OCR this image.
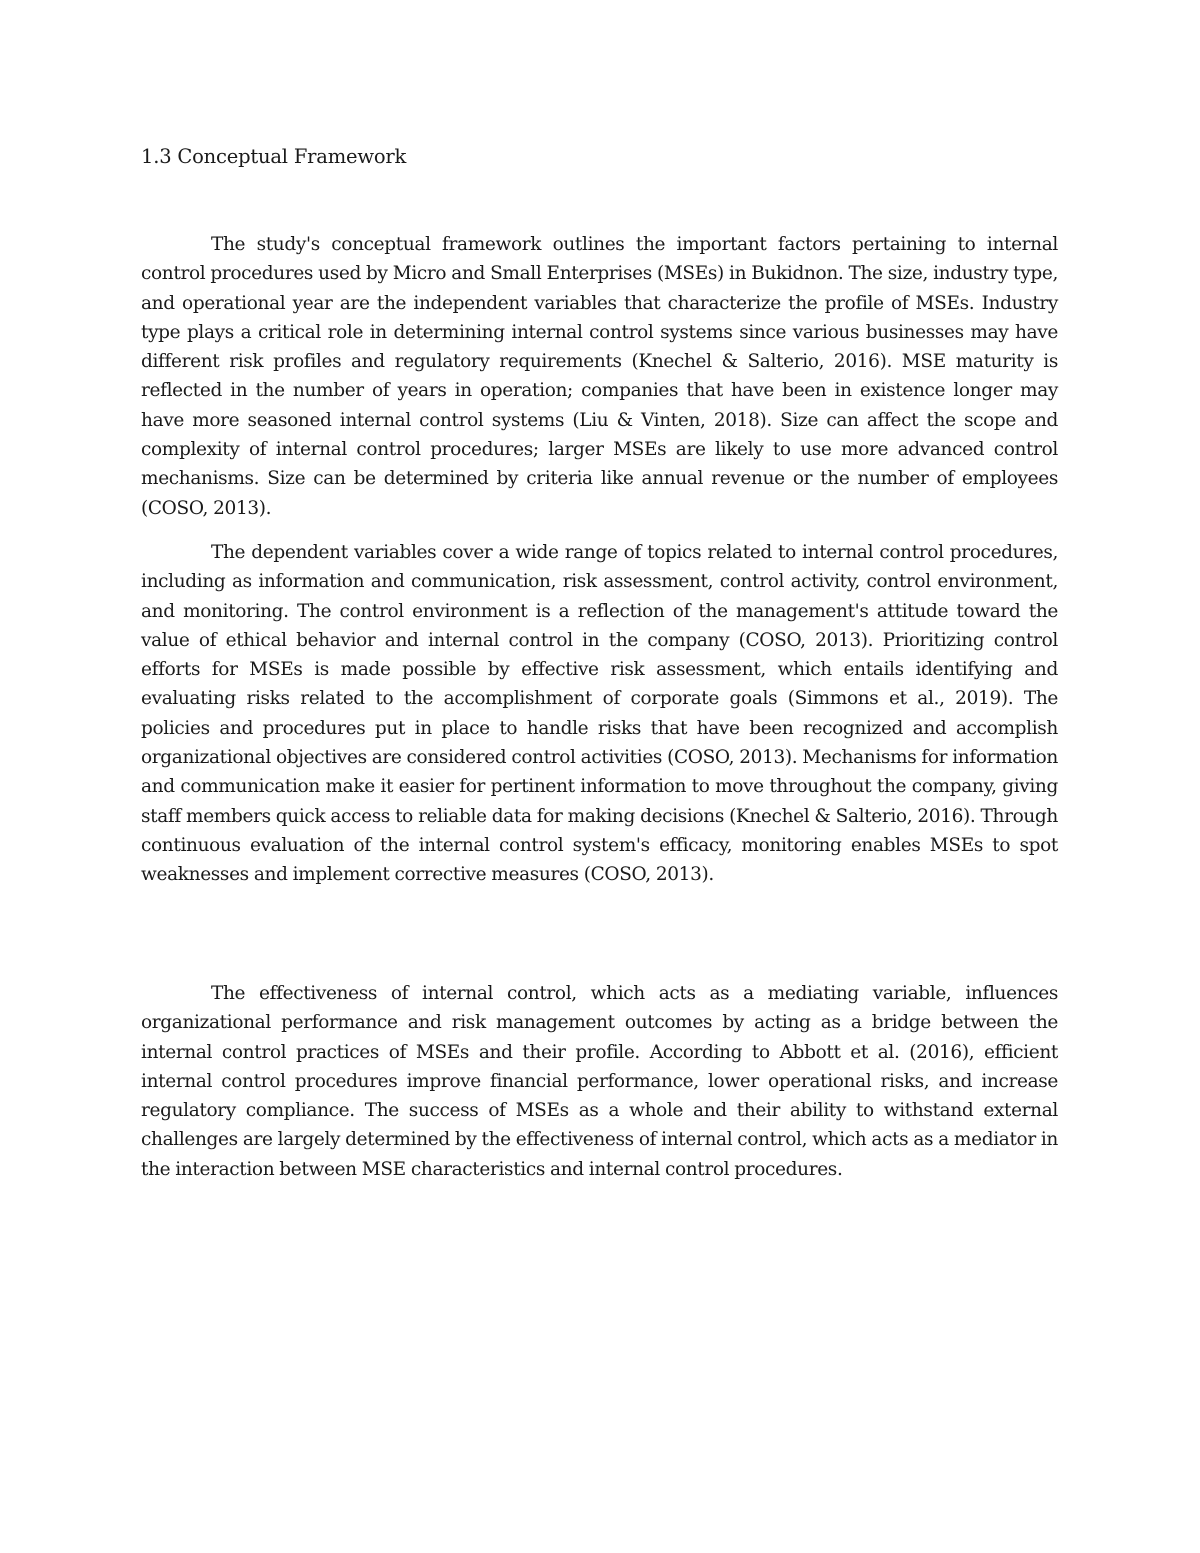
1.3 Conceptual Framework

The study's conceptual framework outlines the important factors pertaining to internal control procedures used by Micro and Small Enterprises (MSEs) in Bukidnon. The size, industry type, and operational year are the independent variables that characterize the profile of MSEs. Industry type plays a critical role in determining internal control systems since various businesses may have different risk profiles and regulatory requirements (Knechel & Salterio, 2016). MSE maturity is reflected in the number of years in operation; companies that have been in existence longer may have more seasoned internal control systems (Liu & Vinten, 2018). Size can affect the scope and complexity of internal control procedures; larger MSEs are likely to use more advanced control mechanisms. Size can be determined by criteria like annual revenue or the number of employees (COSO, 2013).

The dependent variables cover a wide range of topics related to internal control procedures, including as information and communication, risk assessment, control activity, control environment, and monitoring. The control environment is a reflection of the management's attitude toward the value of ethical behavior and internal control in the company (COSO, 2013). Prioritizing control efforts for MSEs is made possible by effective risk assessment, which entails identifying and evaluating risks related to the accomplishment of corporate goals (Simmons et al., 2019). The policies and procedures put in place to handle risks that have been recognized and accomplish organizational objectives are considered control activities (COSO, 2013). Mechanisms for information and communication make it easier for pertinent information to move throughout the company, giving staff members quick access to reliable data for making decisions (Knechel & Salterio, 2016). Through continuous evaluation of the internal control system's efficacy, monitoring enables MSEs to spot weaknesses and implement corrective measures (COSO, 2013).

The effectiveness of internal control, which acts as a mediating variable, influences organizational performance and risk management outcomes by acting as a bridge between the internal control practices of MSEs and their profile. According to Abbott et al. (2016), efficient internal control procedures improve financial performance, lower operational risks, and increase regulatory compliance. The success of MSEs as a whole and their ability to withstand external challenges are largely determined by the effectiveness of internal control, which acts as a mediator in the interaction between MSE characteristics and internal control procedures.
